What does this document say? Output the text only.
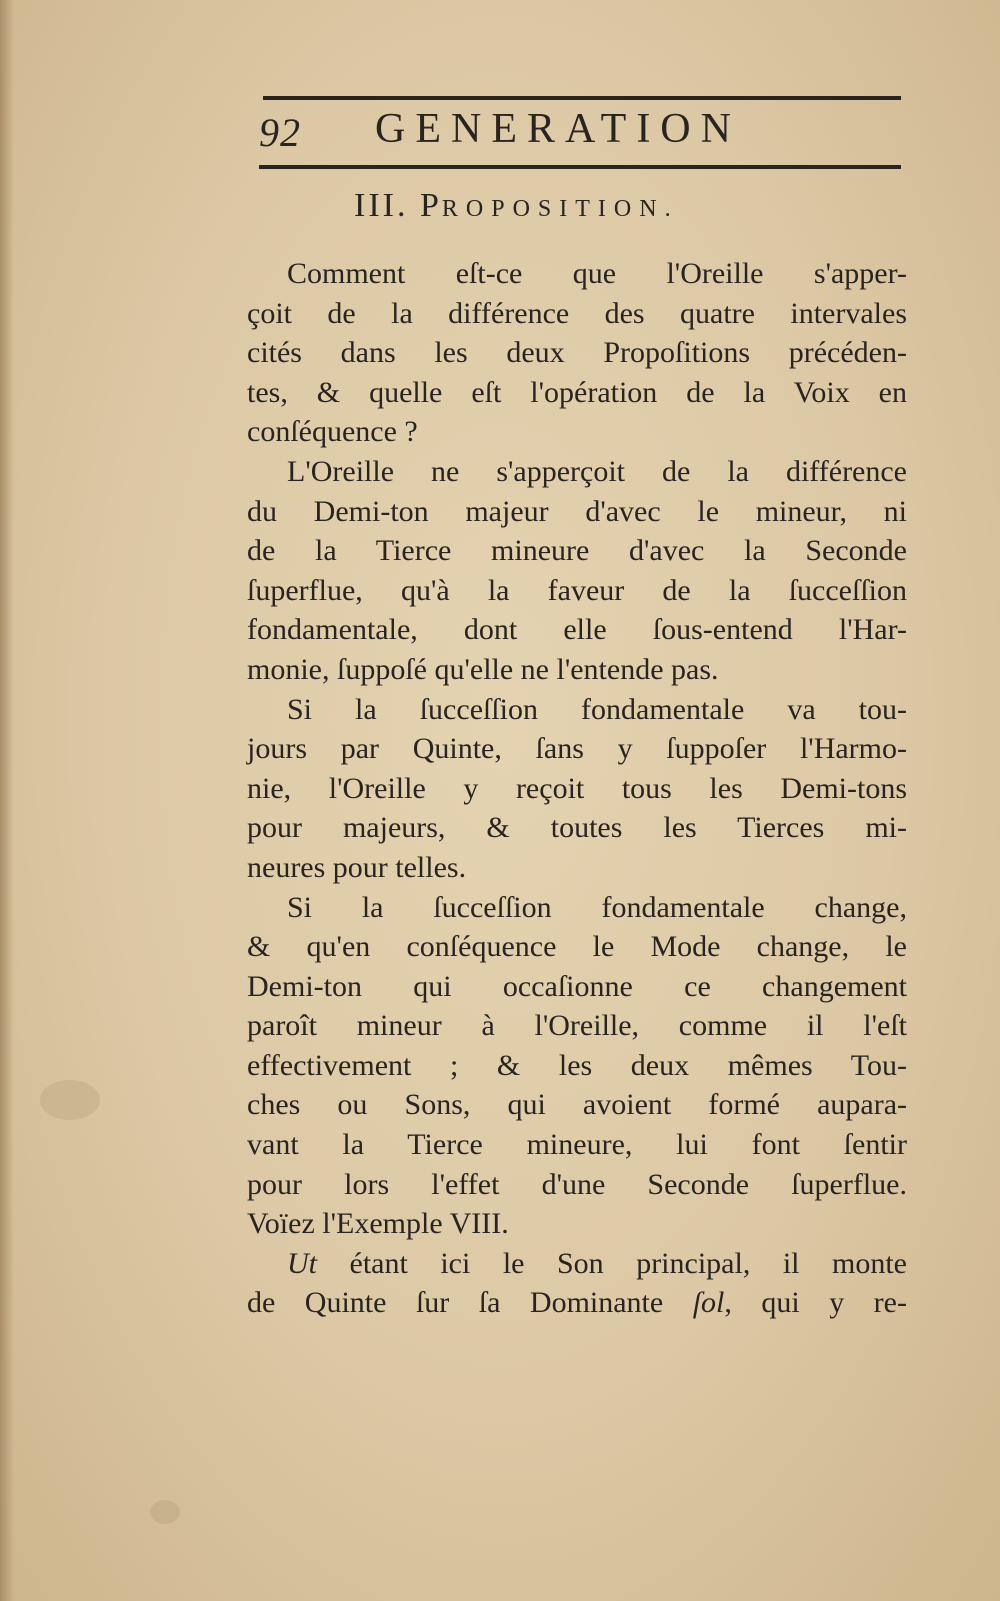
92 GENERATION
III. PROPOSITION.
Comment eſt-ce que l'Oreille s'apper-
çoit de la différence des quatre intervales
cités dans les deux Propoſitions précéden-
tes, & quelle eſt l'opération de la Voix en
conſéquence ?
L'Oreille ne s'apperçoit de la différence
du Demi-ton majeur d'avec le mineur, ni
de la Tierce mineure d'avec la Seconde
ſuperflue, qu'à la faveur de la ſucceſſion
fondamentale, dont elle ſous-entend l'Har-
monie, ſuppoſé qu'elle ne l'entende pas.
Si la ſucceſſion fondamentale va tou-
jours par Quinte, ſans y ſuppoſer l'Harmo-
nie, l'Oreille y reçoit tous les Demi-tons
pour majeurs, & toutes les Tierces mi-
neures pour telles.
Si la ſucceſſion fondamentale change,
& qu'en conſéquence le Mode change, le
Demi-ton qui occaſionne ce changement
paroît mineur à l'Oreille, comme il l'eſt
effectivement ; & les deux mêmes Tou-
ches ou Sons, qui avoient formé aupara-
vant la Tierce mineure, lui font ſentir
pour lors l'effet d'une Seconde ſuperflue.
Voïez l'Exemple VIII.
Ut étant ici le Son principal, il monte
de Quinte ſur ſa Dominante ſol, qui y re-
